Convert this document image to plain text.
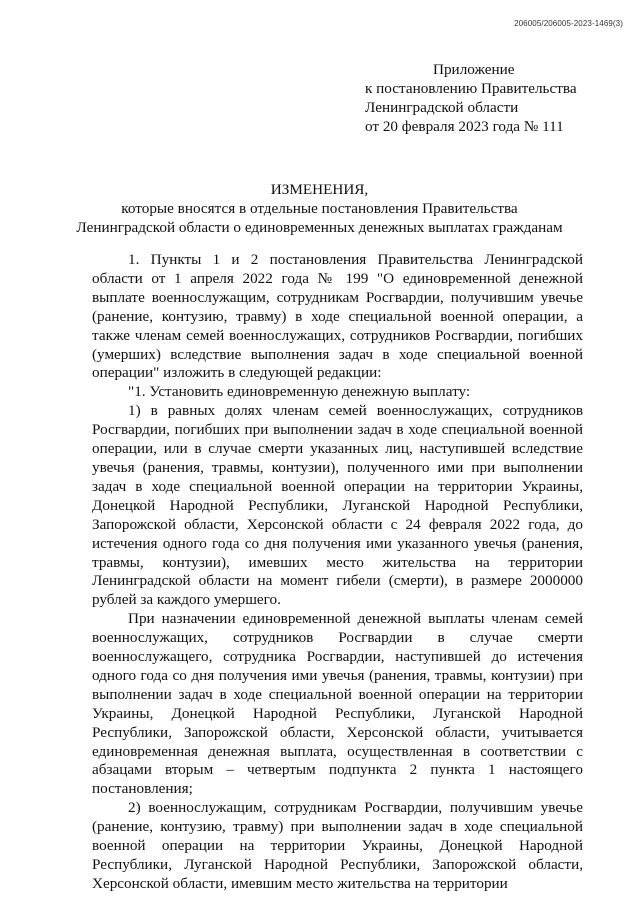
206005/206005-2023-1469(3)
Приложение
к постановлению Правительства
Ленинградской области
от 20 февраля 2023 года № 111
ИЗМЕНЕНИЯ,
которые вносятся в отдельные постановления Правительства
Ленинградской области о единовременных денежных выплатах гражданам

1. Пункты 1 и 2 постановления Правительства Ленинградской области от 1 апреля 2022 года № 199 "О единовременной денежной выплате военнослужащим, сотрудникам Росгвардии, получившим увечье (ранение, контузию, травму) в ходе специальной военной операции, а также членам семей военнослужащих, сотрудников Росгвардии, погибших (умерших) вследствие выполнения задач в ходе специальной военной операции" изложить в следующей редакции:

"1. Установить единовременную денежную выплату:

1) в равных долях членам семей военнослужащих, сотрудников Росгвардии, погибших при выполнении задач в ходе специальной военной операции, или в случае смерти указанных лиц, наступившей вследствие увечья (ранения, травмы, контузии), полученного ими при выполнении задач в ходе специальной военной операции на территории Украины, Донецкой Народной Республики, Луганской Народной Республики, Запорожской области, Херсонской области с 24 февраля 2022 года, до истечения одного года со дня получения ими указанного увечья (ранения, травмы, контузии), имевших место жительства на территории Ленинградской области на момент гибели (смерти), в размере 2000000 рублей за каждого умершего.

При назначении единовременной денежной выплаты членам семей военнослужащих, сотрудников Росгвардии в случае смерти военнослужащего, сотрудника Росгвардии, наступившей до истечения одного года со дня получения ими увечья (ранения, травмы, контузии) при выполнении задач в ходе специальной военной операции на территории Украины, Донецкой Народной Республики, Луганской Народной Республики, Запорожской области, Херсонской области, учитывается единовременная денежная выплата, осуществленная в соответствии с абзацами вторым – четвертым подпункта 2 пункта 1 настоящего постановления;

2) военнослужащим, сотрудникам Росгвардии, получившим увечье (ранение, контузию, травму) при выполнении задач в ходе специальной военной операции на территории Украины, Донецкой Народной Республики, Луганской Народной Республики, Запорожской области, Херсонской области, имевшим место жительства на территории
